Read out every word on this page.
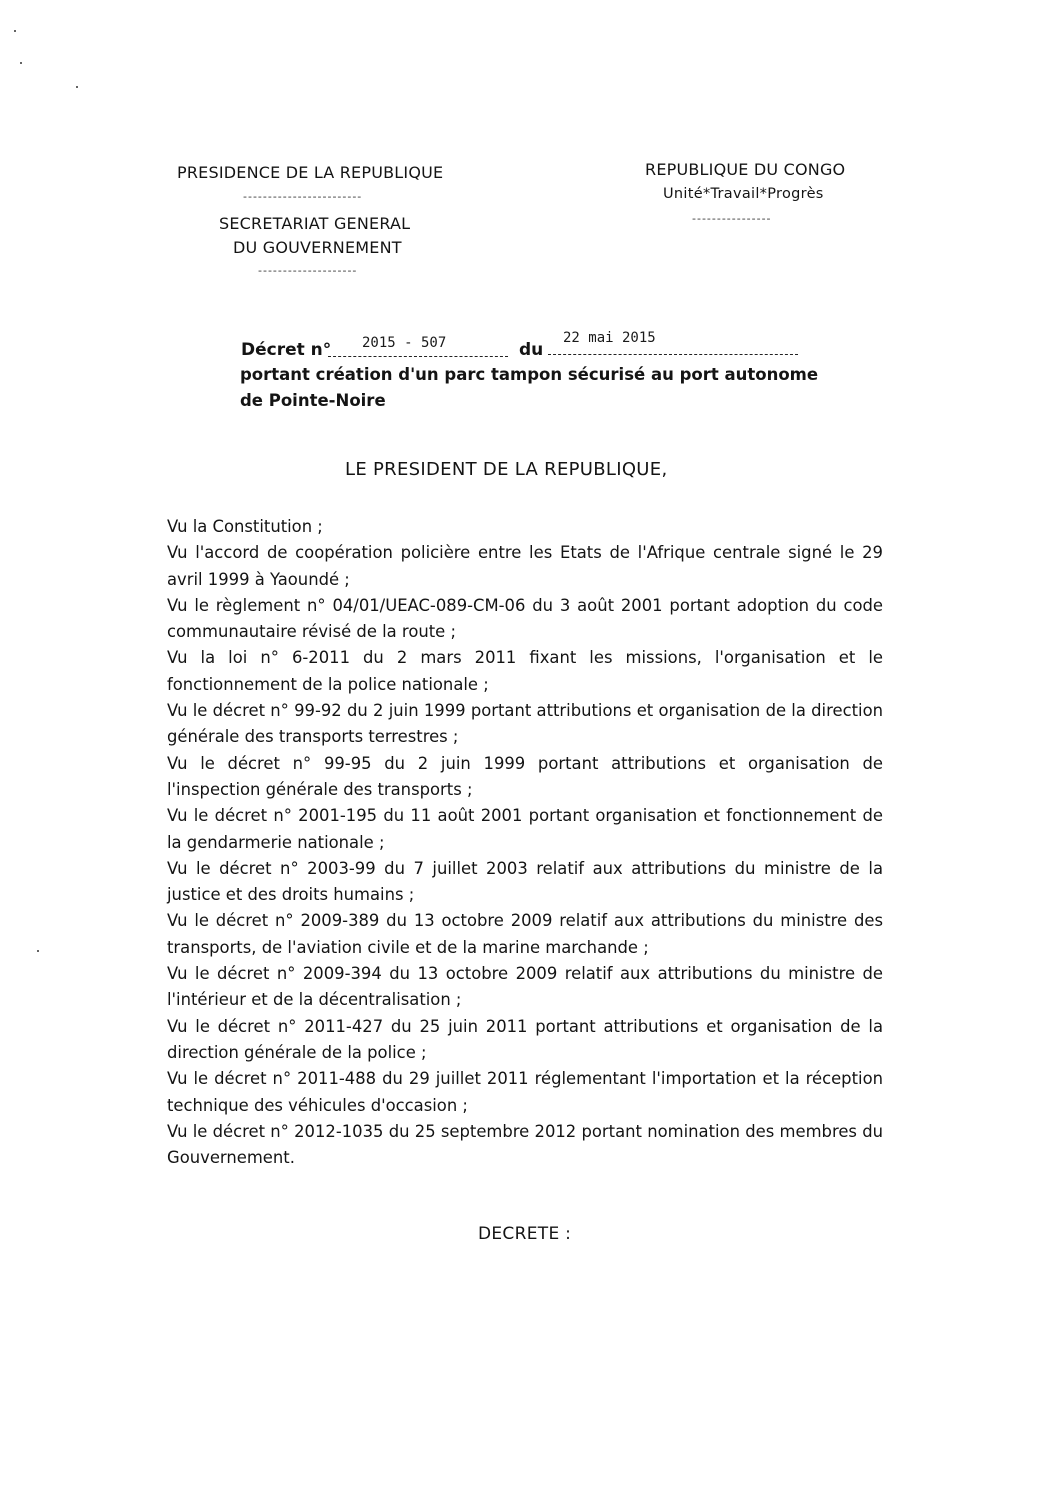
PRESIDENCE DE LA REPUBLIQUE
------------------------
SECRETARIAT GENERAL
DU GOUVERNEMENT
--------------------
REPUBLIQUE DU CONGO
Unité*Travail*Progrès
----------------
Décret n° 2015 - 507	du
22 mai 2015
portant création d'un parc tampon sécurisé au port autonome
de Pointe-Noire
LE PRESIDENT DE LA REPUBLIQUE,

Vu la Constitution ;

Vu l'accord de coopération policière entre les Etats de l'Afrique centrale signé le 29 avril 1999 à Yaoundé ;

Vu le règlement n° 04/01/UEAC-089-CM-06 du 3 août 2001 portant adoption du code communautaire révisé de la route ;

Vu la loi n° 6-2011 du 2 mars 2011 fixant les missions, l'organisation et le fonctionnement de la police nationale ;

Vu le décret n° 99-92 du 2 juin 1999 portant attributions et organisation de la direction générale des transports terrestres ;

Vu le décret n° 99-95 du 2 juin 1999 portant attributions et organisation de l'inspection générale des transports ;

Vu le décret n° 2001-195 du 11 août 2001 portant organisation et fonctionnement de la gendarmerie nationale ;

Vu le décret n° 2003-99 du 7 juillet 2003 relatif aux attributions du ministre de la justice et des droits humains ;

Vu le décret n° 2009-389 du 13 octobre 2009 relatif aux attributions du ministre des transports, de l'aviation civile et de la marine marchande ;

Vu le décret n° 2009-394 du 13 octobre 2009 relatif aux attributions du ministre de l'intérieur et de la décentralisation ;

Vu le décret n° 2011-427 du 25 juin 2011 portant attributions et organisation de la direction générale de la police ;

Vu le décret n° 2011-488 du 29 juillet 2011 réglementant l'importation et la réception technique des véhicules d'occasion ;

Vu le décret n° 2012-1035 du 25 septembre 2012 portant nomination des membres du Gouvernement.

DECRETE :
